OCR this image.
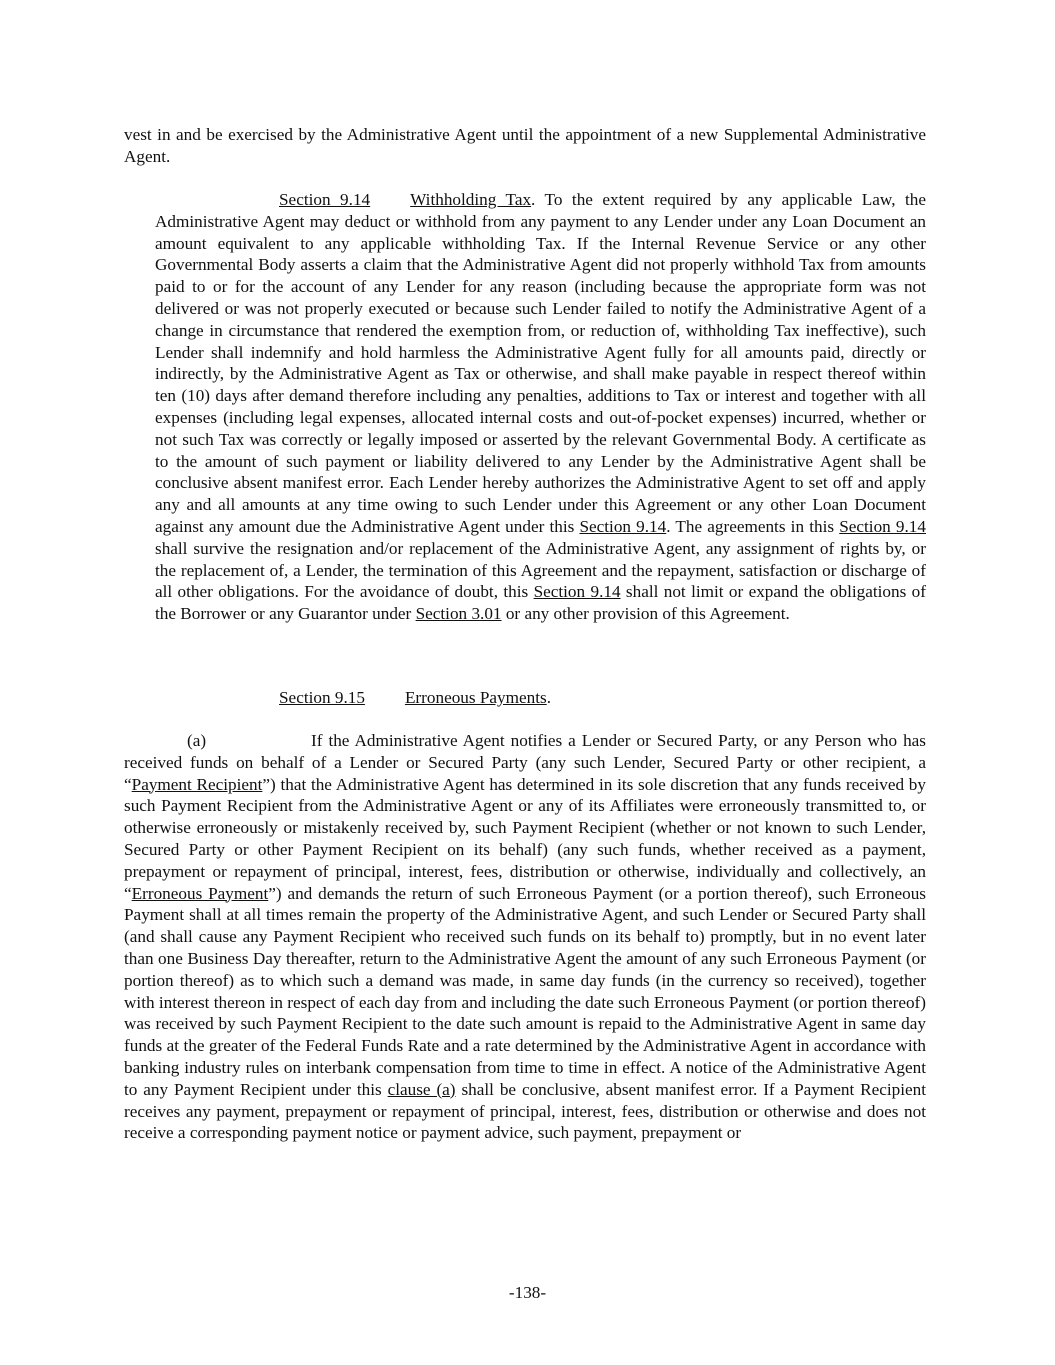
vest in and be exercised by the Administrative Agent until the appointment of a new Supplemental Administrative Agent.

Section 9.14 Withholding Tax. To the extent required by any applicable Law, the Administrative Agent may deduct or withhold from any payment to any Lender under any Loan Document an amount equivalent to any applicable withholding Tax. If the Internal Revenue Service or any other Governmental Body asserts a claim that the Administrative Agent did not properly withhold Tax from amounts paid to or for the account of any Lender for any reason (including because the appropriate form was not delivered or was not properly executed or because such Lender failed to notify the Administrative Agent of a change in circumstance that rendered the exemption from, or reduction of, withholding Tax ineffective), such Lender shall indemnify and hold harmless the Administrative Agent fully for all amounts paid, directly or indirectly, by the Administrative Agent as Tax or otherwise, and shall make payable in respect thereof within ten (10) days after demand therefore including any penalties, additions to Tax or interest and together with all expenses (including legal expenses, allocated internal costs and out-of-pocket expenses) incurred, whether or not such Tax was correctly or legally imposed or asserted by the relevant Governmental Body. A certificate as to the amount of such payment or liability delivered to any Lender by the Administrative Agent shall be conclusive absent manifest error. Each Lender hereby authorizes the Administrative Agent to set off and apply any and all amounts at any time owing to such Lender under this Agreement or any other Loan Document against any amount due the Administrative Agent under this Section 9.14. The agreements in this Section 9.14 shall survive the resignation and/or replacement of the Administrative Agent, any assignment of rights by, or the replacement of, a Lender, the termination of this Agreement and the repayment, satisfaction or discharge of all other obligations. For the avoidance of doubt, this Section 9.14 shall not limit or expand the obligations of the Borrower or any Guarantor under Section 3.01 or any other provision of this Agreement.

Section 9.15 Erroneous Payments.

(a)	If the Administrative Agent notifies a Lender or Secured Party, or any Person who has received funds on behalf of a Lender or Secured Party (any such Lender, Secured Party or other recipient, a “Payment Recipient”) that the Administrative Agent has determined in its sole discretion that any funds received by such Payment Recipient from the Administrative Agent or any of its Affiliates were erroneously transmitted to, or otherwise erroneously or mistakenly received by, such Payment Recipient (whether or not known to such Lender, Secured Party or other Payment Recipient on its behalf) (any such funds, whether received as a payment, prepayment or repayment of principal, interest, fees, distribution or otherwise, individually and collectively, an “Erroneous Payment”) and demands the return of such Erroneous Payment (or a portion thereof), such Erroneous Payment shall at all times remain the property of the Administrative Agent, and such Lender or Secured Party shall (and shall cause any Payment Recipient who received such funds on its behalf to) promptly, but in no event later than one Business Day thereafter, return to the Administrative Agent the amount of any such Erroneous Payment (or portion thereof) as to which such a demand was made, in same day funds (in the currency so received), together with interest thereon in respect of each day from and including the date such Erroneous Payment (or portion thereof) was received by such Payment Recipient to the date such amount is repaid to the Administrative Agent in same day funds at the greater of the Federal Funds Rate and a rate determined by the Administrative Agent in accordance with banking industry rules on interbank compensation from time to time in effect. A notice of the Administrative Agent to any Payment Recipient under this clause (a) shall be conclusive, absent manifest error. If a Payment Recipient receives any payment, prepayment or repayment of principal, interest, fees, distribution or otherwise and does not receive a corresponding payment notice or payment advice, such payment, prepayment or

-138-
